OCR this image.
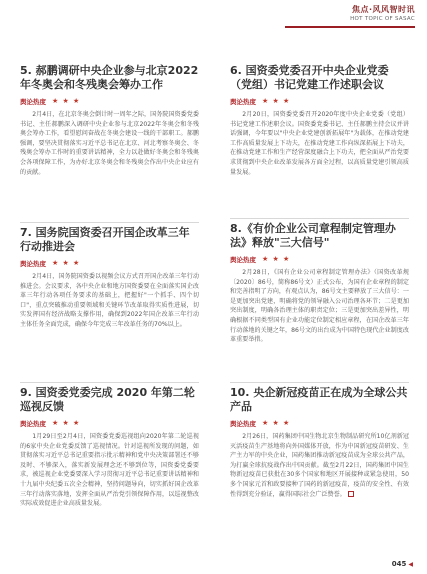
焦点·风风智时讯
HOT TOPIC OF SASAC
5. 郝鹏调研中央企业参与北京2022年冬奥会和冬残奥会筹办工作
舆论热度 ★ ★ ★

2月4日，在北京冬奥会倒计时一周年之际，国务院国资委党委书记、主任郝鹏深入调研中央企业参与北京2022年冬奥会和冬残奥会筹办工作，看望慰问奋战在冬奥会建设一线的干部职工。郝鹏强调，要坚决贯彻落实习近平总书记在北京、河北考察冬奥会、冬残奥会筹办工作时的重要讲话精神，全力以赴做好冬奥会和冬残奥会各项保障工作，为办好北京冬奥会和冬残奥会作出中央企业应有的贡献。

6. 国资委党委召开中央企业党委（党组）书记党建工作述职会议
舆论热度 ★ ★ ★

2月20日，国资委党委召开2020年度中央企业党委（党组）书记党建工作述职会议。国资委党委书记、主任郝鹏主持会议并讲话强调，今年要以"中央企业党建创新拓展年"为载体，在推动党建工作高质量发展上下功夫，在推动党建工作向纵深拓展上下功夫，在推动党建工作和生产经营深度融合上下功夫，把全面从严治党要求贯彻到中央企业改革发展各方面全过程，以高质量党建引领高质量发展。

7. 国务院国资委召开国企改革三年行动推进会
舆论热度 ★ ★ ★

2月4日，国务院国资委以视频会议方式召开国企改革三年行动推进会。会议要求，各中央企业和地方国资委要在全面落实国企改革三年行动各项任务要求的基础上，把握好"一个抓手、四个切口"，重点突破推动重要领域和关键环节改革取得实质性进展，切实发挥国有经济战略支撑作用，确保到2022年国企改革三年行动主体任务全面完成，确保今年完成三年改革任务的70%以上。

8.《有价企业公司章程制定管理办法》释放"三大信号"
舆论热度 ★ ★ ★

2月28日，《国有企业公司章程制定管理办法》（国资改革规〔2020〕86号，简称86号文）正式公布，为国有企业章程的制定和完善指明了方向，有观点认为，86号文主要释放了三大信号：一是更加突出党建，明确将党的领导融入公司治理各环节；二是更加突出制度，明确各治理主体的职责定位；三是更加突出差异性，明确根据不同类型国有企业功能定位制定相应章程，在国企改革三年行动落地的关键之年，86号文的出台成为中国特色现代企业制度改革重要举措。

9. 国资委党委完成 2020 年第二轮巡视反馈
舆论热度 ★ ★ ★

1月29日至2月4日，国资委党委巡视组向2020年第二轮巡视的6家中央企业党委反馈了巡视情况。针对巡视所发现的问题，如贯彻落实习近平总书记重要指示批示精神和党中央决策部署还不够及时、不够深入，落实新发展理念还不够到位等，国资委党委要求，被巡视企业党委要深入学习贯彻习近平总书记重要讲话精神和十九届中央纪委五次全会精神，坚持问题导向，切实抓好国企改革三年行动落实落地，发挥全面从严治党引领保障作用，以巡视整改实际成效促进企业高质量发展。

10. 央企新冠疫苗正在成为全球公共产品
舆论热度 ★ ★ ★

2月26日，国药集团中国生物北京生物制品研究所10亿剂新冠灭活疫苗生产基地将向外国媒体开放，作为中国新冠疫苗研发、生产主力军的中央企业，国药集团推动新冠疫苗成为全球公共产品，为打赢全球抗疫战作出中国贡献。截至2月22日，国药集团中国生物新冠疫苗已获批在30多个国家和地区开展接种或紧急使用，50多个国家元首和政要接种了国药的新冠疫苗，疫苗的安全性、有效性得到充分验证，赢得国际社会广泛赞誉。

045 ◀
